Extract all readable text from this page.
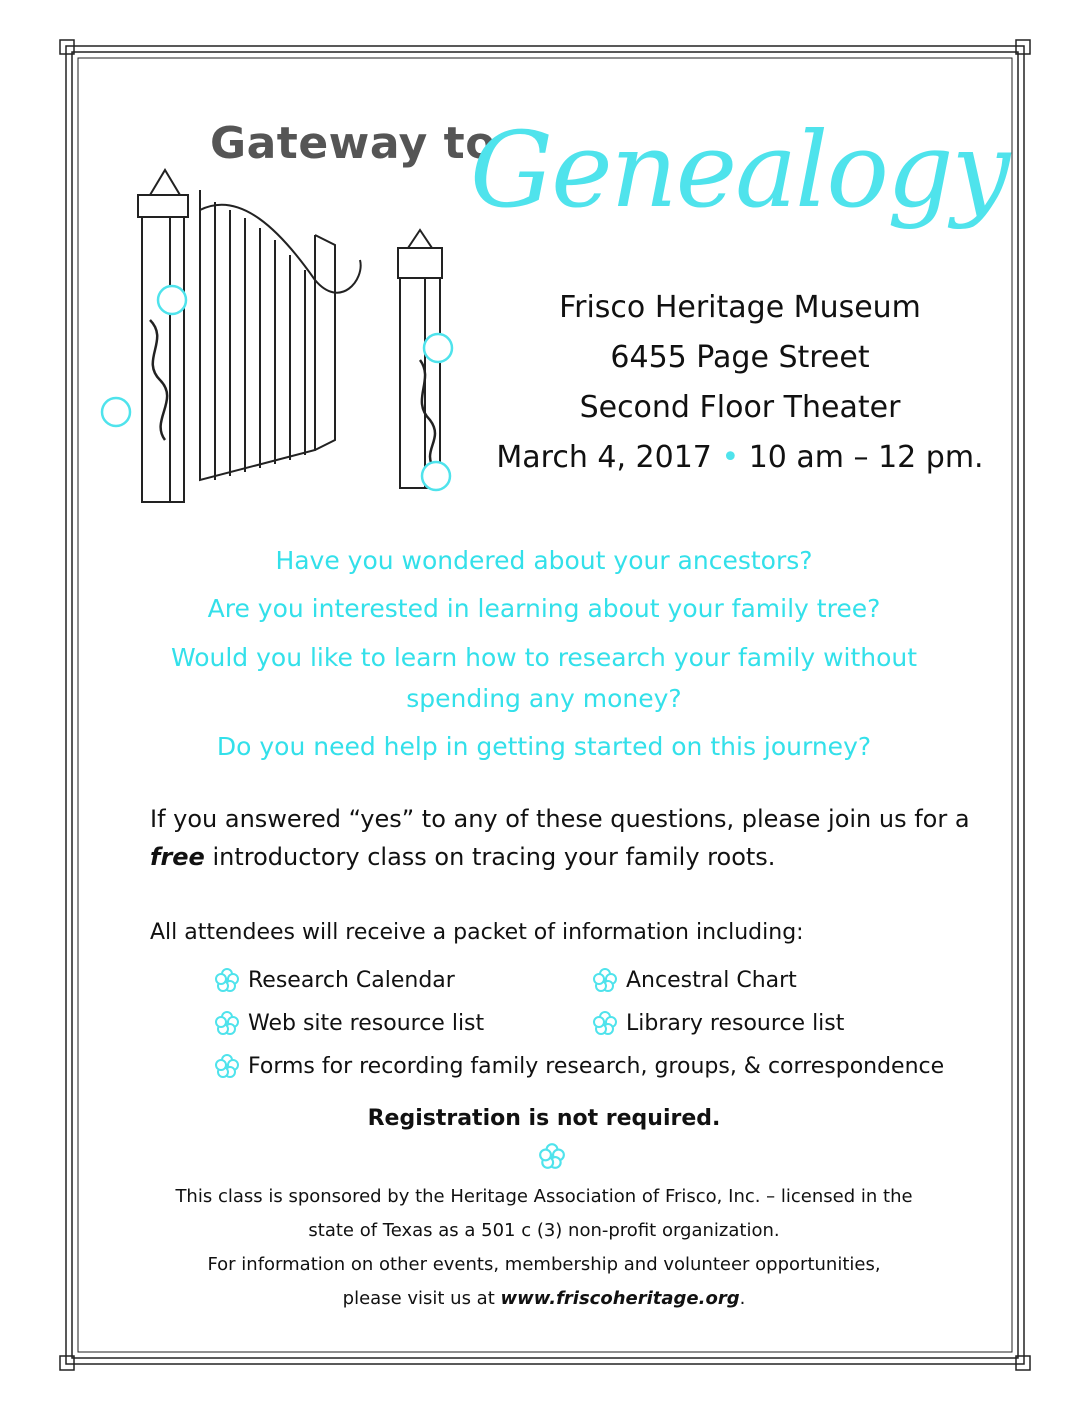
Gateway to
Genealogy
Frisco Heritage Museum
6455 Page Street
Second Floor Theater
March 4, 2017 • 10 am – 12 pm.
Have you wondered about your ancestors?
Are you interested in learning about your family tree?
Would you like to learn how to research your family without
spending any money?
Do you need help in getting started on this journey?
If you answered “yes” to any of these questions, please join us for a
free introductory class on tracing your family roots.
All attendees will receive a packet of information including:
Research Calendar	Ancestral Chart
Web site resource list	Library resource list
Forms for recording family research, groups, & correspondence
Registration is not required.
This class is sponsored by the Heritage Association of Frisco, Inc. – licensed in the
state of Texas as a 501 c (3) non-profit organization.
For information on other events, membership and volunteer opportunities,
please visit us at www.friscoheritage.org.
